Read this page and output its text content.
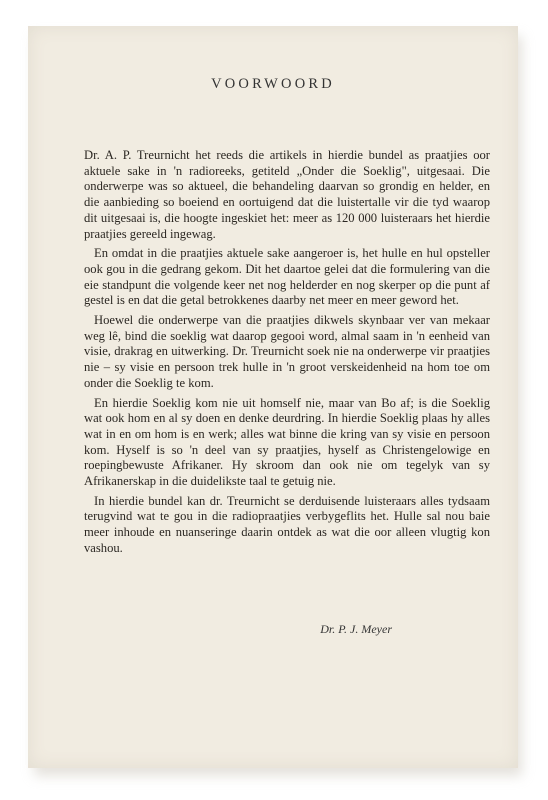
VOORWOORD

Dr. A. P. Treurnicht het reeds die artikels in hierdie bundel as praatjies oor aktuele sake in 'n radioreeks, getiteld „Onder die Soeklig", uitgesaai. Die onderwerpe was so aktueel, die behandeling daarvan so grondig en helder, en die aanbieding so boeiend en oortuigend dat die luistertalle vir die tyd waarop dit uitgesaai is, die hoogte ingeskiet het: meer as 120 000 luisteraars het hierdie praatjies gereeld ingewag.

En omdat in die praatjies aktuele sake aangeroer is, het hulle en hul opsteller ook gou in die gedrang gekom. Dit het daartoe gelei dat die formulering van die eie standpunt die volgende keer net nog helderder en nog skerper op die punt af gestel is en dat die getal betrokkenes daarby net meer en meer geword het.

Hoewel die onderwerpe van die praatjies dikwels skynbaar ver van mekaar weg lê, bind die soeklig wat daarop gegooi word, almal saam in 'n eenheid van visie, drakrag en uitwerking. Dr. Treurnicht soek nie na onderwerpe vir praatjies nie – sy visie en persoon trek hulle in 'n groot verskeidenheid na hom toe om onder die Soeklig te kom.

En hierdie Soeklig kom nie uit homself nie, maar van Bo af; is die Soeklig wat ook hom en al sy doen en denke deurdring. In hierdie Soeklig plaas hy alles wat in en om hom is en werk; alles wat binne die kring van sy visie en persoon kom. Hyself is so 'n deel van sy praatjies, hyself as Christengelowige en roepingbewuste Afrikaner. Hy skroom dan ook nie om tegelyk van sy Afrikanerskap in die duidelikste taal te getuig nie.

In hierdie bundel kan dr. Treurnicht se derduisende luisteraars alles tydsaam terugvind wat te gou in die radiopraatjies verbygeflits het. Hulle sal nou baie meer inhoude en nuanseringe daarin ontdek as wat die oor alleen vlugtig kon vashou.

Dr. P. J. Meyer
